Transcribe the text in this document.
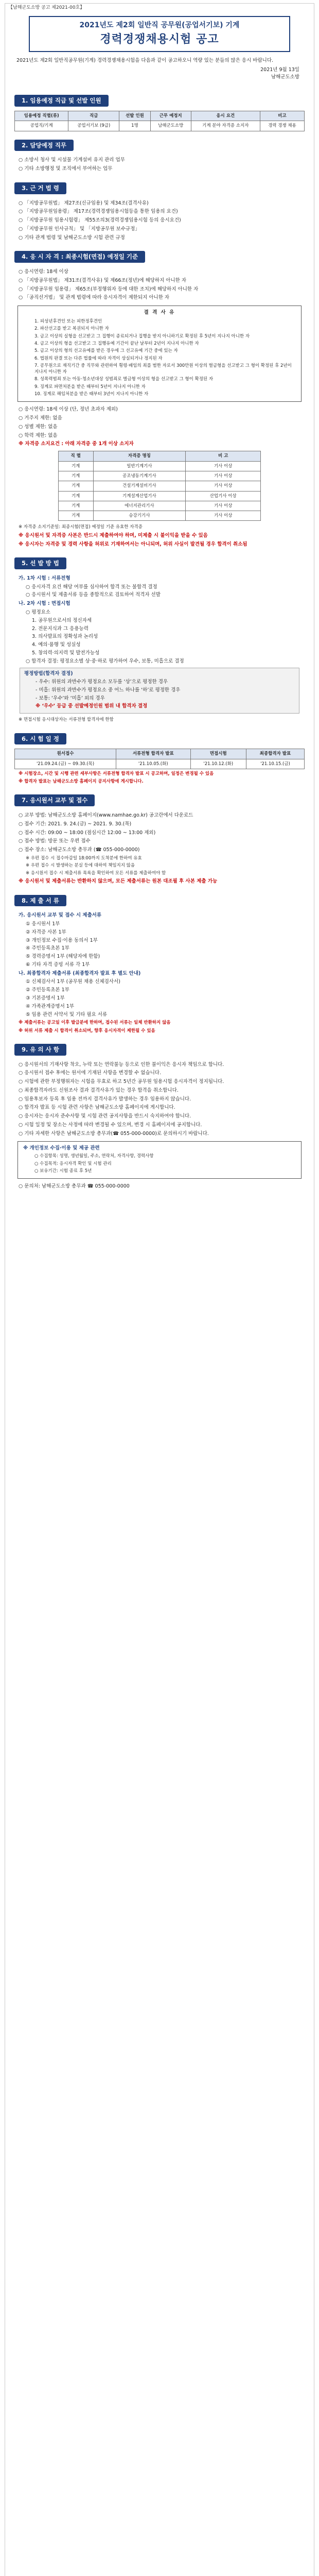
【남해군도소방 공고 제2021-00호】
2021년도 제2회 일반직 공무원(공업서기보) 기계
경력경쟁채용시험 공고
2021년도 제2회 일반직공무원(기계) 경력경쟁채용시험을 다음과 같이 공고하오니 역량 있는 분들의 많은 응시 바랍니다.
2021년 9월 13일
남해군도소방
1. 임용예정 직급 및 선발 인원
임용예정 직렬(류)	직급	선발 인원	근무 예정지	응시 요건	비고
공업직/기계	공업서기보 (9급)	1명	남해군도소방	기계 분야 자격증 소지자	경력 경쟁 채용
2. 담당예정 직무
○ 소방서 청사 및 시설물 기계설비 유지 관리 업무
○ 기타 소방행정 및 조직에서 부여하는 업무
3. 근 거 법 령
○ 「지방공무원법」 제27조(신규임용) 및 제34조(결격사유)
○ 「지방공무원임용령」 제17조(경력경쟁임용시험등을 통한 임용의 요건)
○ 「지방공무원 임용시험령」 제55조의3(경력경쟁임용시험 등의 응시요건)
○ 「지방공무원 인사규칙」 및 「지방공무원 보수규정」
○ 기타 관계 법령 및 남해군도소방 시험 관련 규정
4. 응 시 자 격 : 최종시험(면접) 예정일 기준
○ 응시연령: 18세 이상
○ 「지방공무원법」 제31조(결격사유) 및 제66조(정년)에 해당하지 아니한 자
○ 「지방공무원 임용령」 제65조(부정행위자 등에 대한 조치)에 해당하지 아니한 자
○ 「공직선거법」 및 관계 법령에 따라 응시자격이 제한되지 아니한 자
결 격 사 유
1. 피성년후견인 또는 피한정후견인
2. 파산선고를 받고 복권되지 아니한 자
3. 금고 이상의 실형을 선고받고 그 집행이 종료되거나 집행을 받지 아니하기로 확정된 후 5년이 지나지 아니한 자
4. 금고 이상의 형을 선고받고 그 집행유예 기간이 끝난 날부터 2년이 지나지 아니한 자
5. 금고 이상의 형의 선고유예를 받은 경우에 그 선고유예 기간 중에 있는 자
6. 법원의 판결 또는 다른 법률에 따라 자격이 상실되거나 정지된 자
7. 공무원으로 재직기간 중 직무와 관련하여 횡령·배임의 죄를 범한 자로서 300만원 이상의 벌금형을 선고받고 그 형이 확정된 후 2년이 지나지 아니한 자
8. 성폭력범죄 또는 아동·청소년대상 성범죄로 벌금형 이상의 형을 선고받고 그 형이 확정된 자
9. 징계로 파면처분을 받은 때부터 5년이 지나지 아니한 자
10. 징계로 해임처분을 받은 때부터 3년이 지나지 아니한 자
○ 응시연령: 18세 이상 (단, 정년 초과자 제외)
○ 거주지 제한: 없음
○ 성별 제한: 없음
○ 학력 제한: 없음
※ 자격증 소지요건 : 아래 자격증 중 1개 이상 소지자
직 렬	자격증 명칭	비 고
기계	일반기계기사	기사 이상
기계	공조냉동기계기사	기사 이상
기계	건설기계설비기사	기사 이상
기계	기계설계산업기사	산업기사 이상
기계	에너지관리기사	기사 이상
기계	승강기기사	기사 이상
※ 자격증 소지기준일: 최종시험(면접) 예정일 기준 유효한 자격증
※ 응시원서 및 자격증 사본은 반드시 제출하여야 하며, 미제출 시 불이익을 받을 수 있음
※ 응시자는 자격증 및 경력 사항을 허위로 기재하여서는 아니되며, 허위 사실이 발견될 경우 합격이 취소됨
5. 선 발 방 법
가. 1차 시험 : 서류전형
○ 응시자격 요건 해당 여부를 심사하여 합격 또는 불합격 결정
○ 응시원서 및 제출서류 등을 종합적으로 검토하여 적격자 선발
나. 2차 시험 : 면접시험
○ 평정요소
1. 공무원으로서의 정신자세
2. 전문지식과 그 응용능력
3. 의사발표의 정확성과 논리성
4. 예의·품행 및 성실성
5. 창의력·의지력 및 발전가능성
○ 합격자 결정: 평정요소별 상·중·하로 평가하여 우수, 보통, 미흡으로 결정
평정방법(합격자 결정)
- 우수: 위원의 과반수가 평정요소 모두를 ‘상’으로 평정한 경우
- 미흡: 위원의 과반수가 평정요소 중 어느 하나를 ‘하’로 평정한 경우
- 보통: ‘우수’와 ‘미흡’ 외의 경우
※ ‘우수’ 등급 중 선발예정인원 범위 내 합격자 결정
※ 면접시험 응시대상자는 서류전형 합격자에 한함
6. 시 험 일 정
원서접수	서류전형 합격자 발표	면접시험	최종합격자 발표
'21.09.24.(금) ~ 09.30.(목)	'21.10.05.(화)	'21.10.12.(화)	'21.10.15.(금)
※ 시험장소, 시간 및 시행 관련 세부사항은 서류전형 합격자 발표 시 공고하며, 일정은 변경될 수 있음
※ 합격자 발표는 남해군도소방 홈페이지 공지사항에 게시합니다.
7. 응시원서 교부 및 접수
○ 교부 방법: 남해군도소방 홈페이지(www.namhae.go.kr) 공고란에서 다운로드
○ 접수 기간: 2021. 9. 24.(금) ~ 2021. 9. 30.(목)
○ 접수 시간: 09:00 ~ 18:00 (점심시간 12:00 ~ 13:00 제외)
○ 접수 방법: 방문 또는 우편 접수
○ 접수 장소: 남해군도소방 총무과 (☎ 055-000-0000)
※ 우편 접수 시 접수마감일 18:00까지 도착분에 한하여 유효
※ 우편 접수 시 발생하는 분실 등에 대하여 책임지지 않음
※ 응시원서 접수 시 제출서류 목록을 확인하여 모든 서류를 제출하여야 함
※ 응시원서 및 제출서류는 반환하지 않으며, 모든 제출서류는 원본 대조필 후 사본 제출 가능
8. 제 출 서 류
가. 응시원서 교부 및 접수 시 제출서류
① 응시원서 1부
② 자격증 사본 1부
③ 개인정보 수집·이용 동의서 1부
④ 주민등록초본 1부
⑤ 경력증명서 1부 (해당자에 한함)
⑥ 기타 자격 증빙 서류 각 1부
나. 최종합격자 제출서류 (최종합격자 발표 후 별도 안내)
① 신체검사서 1부 (공무원 채용 신체검사서)
② 주민등록초본 1부
③ 기본증명서 1부
④ 가족관계증명서 1부
⑤ 임용 관련 서약서 및 기타 필요 서류
※ 제출서류는 공고일 이후 발급분에 한하며, 접수된 서류는 일체 반환하지 않음
※ 허위 서류 제출 시 합격이 취소되며, 향후 응시자격이 제한될 수 있음
9. 유 의 사 항
○ 응시원서의 기재사항 착오, 누락 또는 연락불능 등으로 인한 불이익은 응시자 책임으로 합니다.
○ 응시원서 접수 후에는 원서에 기재된 사항을 변경할 수 없습니다.
○ 시험에 관한 부정행위자는 시험을 무효로 하고 5년간 공무원 임용시험 응시자격이 정지됩니다.
○ 최종합격자라도 신원조사 결과 결격사유가 있는 경우 합격을 취소합니다.
○ 임용후보자 등록 후 임용 전까지 결격사유가 발생하는 경우 임용하지 않습니다.
○ 합격자 발표 등 시험 관련 사항은 남해군도소방 홈페이지에 게시합니다.
○ 응시자는 응시자 준수사항 및 시험 관련 공지사항을 반드시 숙지하여야 합니다.
○ 시험 일정 및 장소는 사정에 따라 변경될 수 있으며, 변경 시 홈페이지에 공지합니다.
○ 기타 자세한 사항은 남해군도소방 총무과(☎ 055-000-0000)로 문의하시기 바랍니다.
※ 개인정보 수집·이용 및 제공 관련
○ 수집항목: 성명, 생년월일, 주소, 연락처, 자격사항, 경력사항
○ 수집목적: 응시자격 확인 및 시험 관리
○ 보유기간: 시험 종료 후 5년
○ 문의처: 남해군도소방 총무과 ☎ 055-000-0000
